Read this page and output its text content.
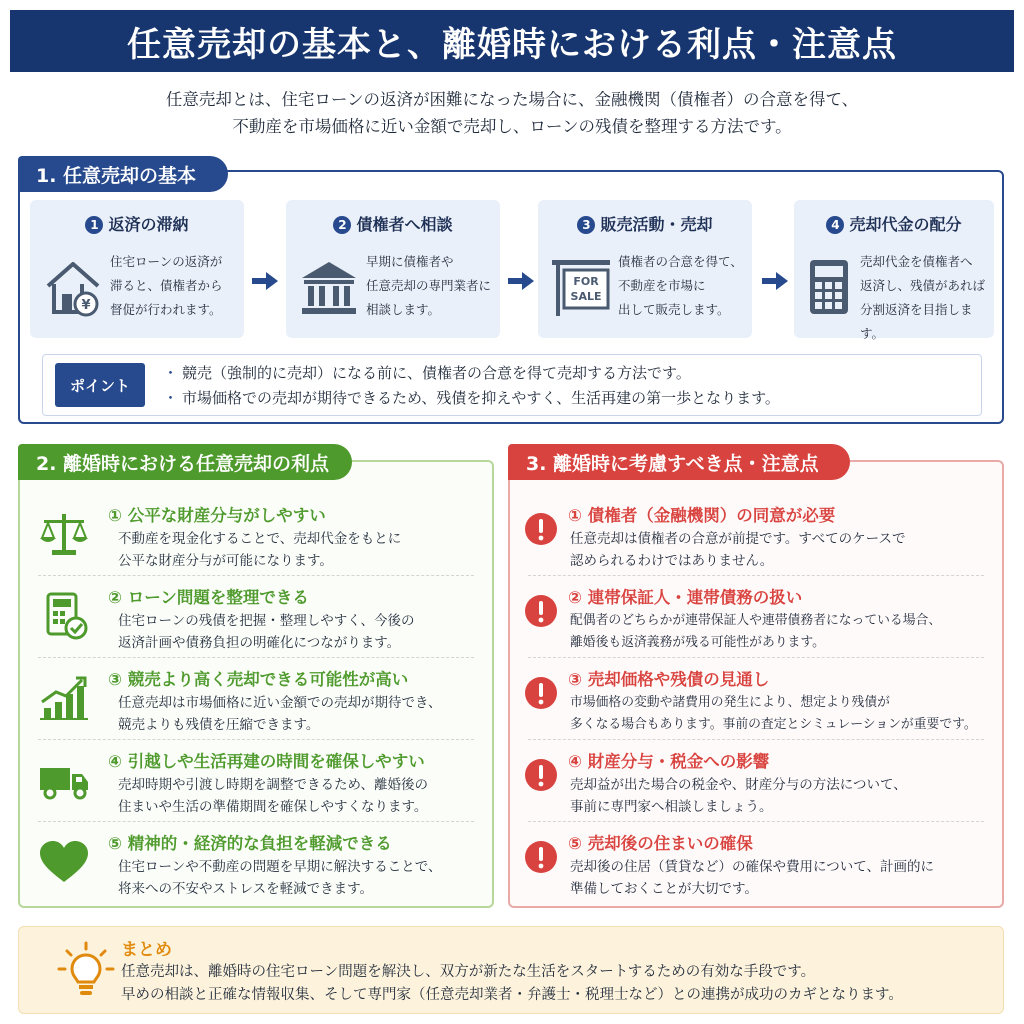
任意売却の基本と、離婚時における利点・注意点
任意売却とは、住宅ローンの返済が困難になった場合に、金融機関（債権者）の合意を得て、
不動産を市場価格に近い金額で売却し、ローンの残債を整理する方法です。
1. 任意売却の基本
1 返済の滞納
¥
住宅ローンの返済が
滞ると、債権者から
督促が行われます。
2 債権者へ相談
早期に債権者や
任意売却の専門業者に
相談します。
3 販売活動・売却
FOR
SALE
債権者の合意を得て、
不動産を市場に
出して販売します。
4 売却代金の配分
売却代金を債権者へ
返済し、残債があれば
分割返済を目指します。
ポイント
・ 競売（強制的に売却）になる前に、債権者の合意を得て売却する方法です。
・ 市場価格での売却が期待できるため、残債を抑えやすく、生活再建の第一歩となります。
2. 離婚時における任意売却の利点
① 公平な財産分与がしやすい
不動産を現金化することで、売却代金をもとに
公平な財産分与が可能になります。
② ローン問題を整理できる
住宅ローンの残債を把握・整理しやすく、今後の
返済計画や債務負担の明確化につながります。
③ 競売より高く売却できる可能性が高い
任意売却は市場価格に近い金額での売却が期待でき、
競売よりも残債を圧縮できます。
④ 引越しや生活再建の時間を確保しやすい
売却時期や引渡し時期を調整できるため、離婚後の
住まいや生活の準備期間を確保しやすくなります。
⑤ 精神的・経済的な負担を軽減できる
住宅ローンや不動産の問題を早期に解決することで、
将来への不安やストレスを軽減できます。
3. 離婚時に考慮すべき点・注意点
① 債権者（金融機関）の同意が必要
任意売却は債権者の合意が前提です。すべてのケースで
認められるわけではありません。
② 連帯保証人・連帯債務の扱い
配偶者のどちらかが連帯保証人や連帯債務者になっている場合、
離婚後も返済義務が残る可能性があります。
③ 売却価格や残債の見通し
市場価格の変動や諸費用の発生により、想定より残債が
多くなる場合もあります。事前の査定とシミュレーションが重要です。
④ 財産分与・税金への影響
売却益が出た場合の税金や、財産分与の方法について、
事前に専門家へ相談しましょう。
⑤ 売却後の住まいの確保
売却後の住居（賃貸など）の確保や費用について、計画的に
準備しておくことが大切です。
まとめ
任意売却は、離婚時の住宅ローン問題を解決し、双方が新たな生活をスタートするための有効な手段です。
早めの相談と正確な情報収集、そして専門家（任意売却業者・弁護士・税理士など）との連携が成功のカギとなります。
